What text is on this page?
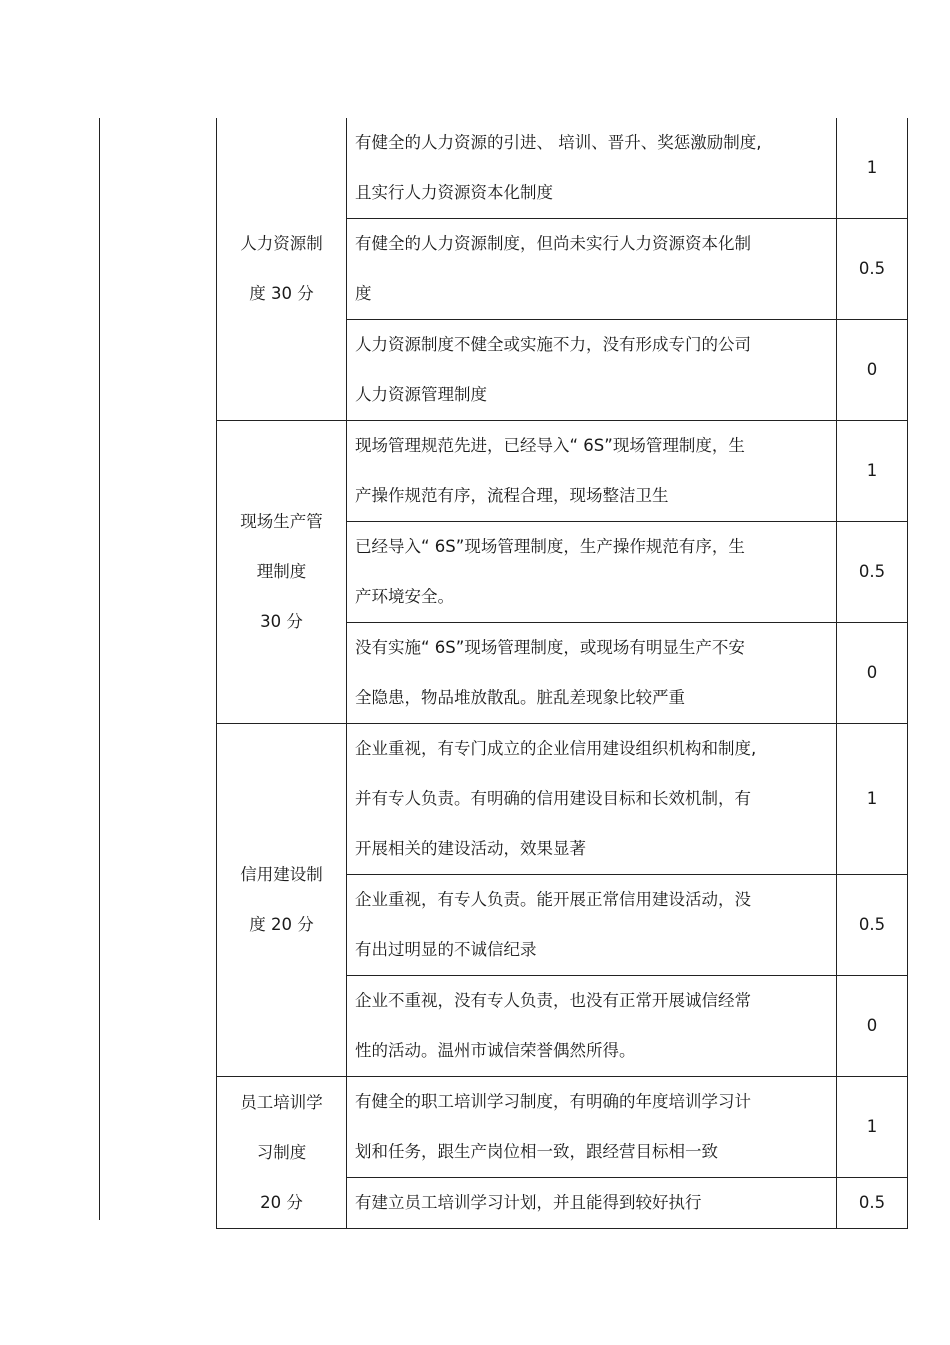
人力资源制
度 30 分	有健全的人力资源的引进、 培训、晋升、奖惩激励制度,
且实行人力资源资本化制度	1

	有健全的人力资源制度，但尚未实行人力资源资本化制
度	0.5

	人力资源制度不健全或实施不力，没有形成专门的公司
人力资源管理制度	0

现场生产管
理制度
30 分	现场管理规范先进，已经导入“ 6S”现场管理制度，生
产操作规范有序，流程合理，现场整洁卫生	1

	已经导入“ 6S”现场管理制度，生产操作规范有序，生
产环境安全。	0.5

	没有实施“ 6S”现场管理制度，或现场有明显生产不安
全隐患，物品堆放散乱。脏乱差现象比较严重	0

信用建设制
度 20 分	企业重视，有专门成立的企业信用建设组织机构和制度,
并有专人负责。有明确的信用建设目标和长效机制，有
开展相关的建设活动，效果显著	1

	企业重视，有专人负责。能开展正常信用建设活动，没
有出过明显的不诚信纪录	0.5

	企业不重视，没有专人负责，也没有正常开展诚信经常
性的活动。温州市诚信荣誉偶然所得。	0

员工培训学
习制度
20 分	有健全的职工培训学习制度，有明确的年度培训学习计
划和任务，跟生产岗位相一致，跟经营目标相一致	1

	有建立员工培训学习计划，并且能得到较好执行	0.5
